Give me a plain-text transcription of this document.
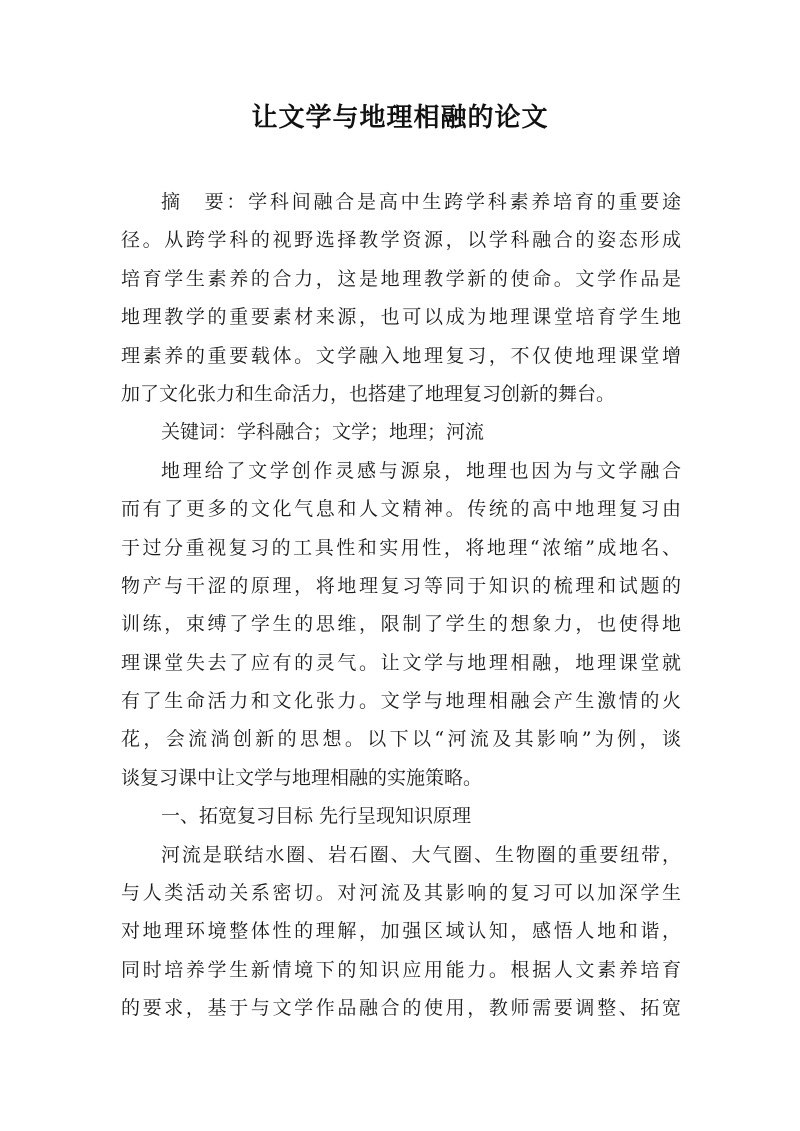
让文学与地理相融的论文
摘　要：学科间融合是高中生跨学科素养培育的重要途
径。从跨学科的视野选择教学资源，以学科融合的姿态形成
培育学生素养的合力，这是地理教学新的使命。文学作品是
地理教学的重要素材来源，也可以成为地理课堂培育学生地
理素养的重要载体。文学融入地理复习，不仅使地理课堂增
加了文化张力和生命活力，也搭建了地理复习创新的舞台。
关键词：学科融合；文学；地理；河流
地理给了文学创作灵感与源泉，地理也因为与文学融合
而有了更多的文化气息和人文精神。传统的高中地理复习由
于过分重视复习的工具性和实用性，将地理“浓缩”成地名、
物产与干涩的原理，将地理复习等同于知识的梳理和试题的
训练，束缚了学生的思维，限制了学生的想象力，也使得地
理课堂失去了应有的灵气。让文学与地理相融，地理课堂就
有了生命活力和文化张力。文学与地理相融会产生激情的火
花，会流淌创新的思想。以下以“河流及其影响”为例，谈
谈复习课中让文学与地理相融的实施策略。
一、拓宽复习目标 先行呈现知识原理
河流是联结水圈、岩石圈、大气圈、生物圈的重要纽带，
与人类活动关系密切。对河流及其影响的复习可以加深学生
对地理环境整体性的理解，加强区域认知，感悟人地和谐，
同时培养学生新情境下的知识应用能力。根据人文素养培育
的要求，基于与文学作品融合的使用，教师需要调整、拓宽
